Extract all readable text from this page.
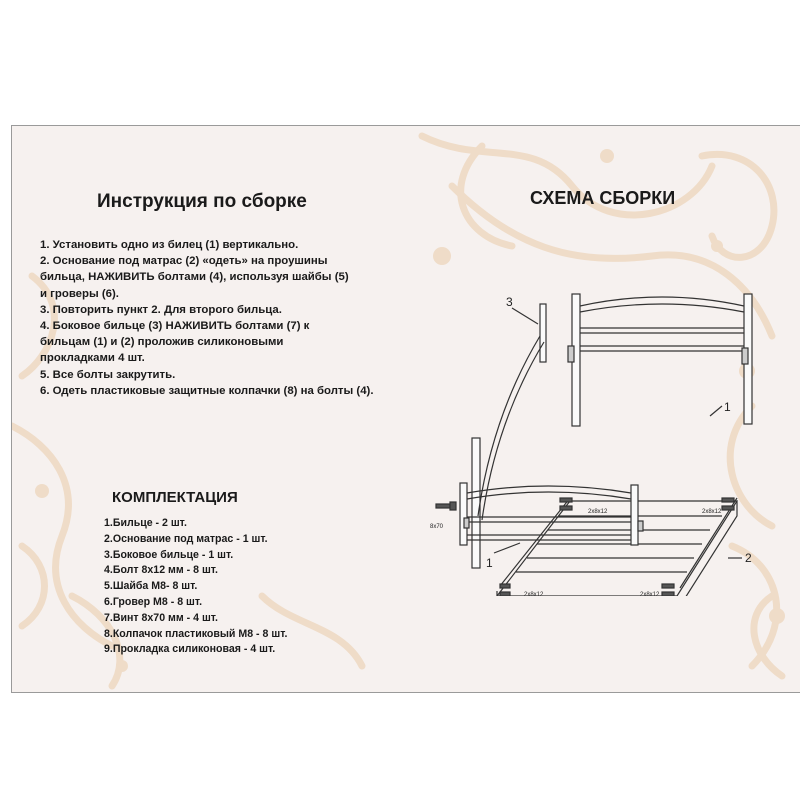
Инструкция по сборке
1. Установить одно из билец (1) вертикально.
2. Основание под матрас (2) «одеть» на проушины
бильца, НАЖИВИТЬ болтами (4), используя шайбы (5)
и гроверы (6).
3. Повторить пункт 2. Для второго бильца.
4. Боковое бильце (3) НАЖИВИТЬ болтами (7) к
бильцам (1) и (2) проложив силиконовыми
прокладками 4 шт.
5. Все болты закрутить.
6. Одеть пластиковые защитные колпачки (8) на болты (4).
КОМПЛЕКТАЦИЯ
1.Бильце - 2 шт.
2.Основание под матрас - 1 шт.
3.Боковое бильце - 1 шт.
4.Болт 8х12 мм - 8 шт.
5.Шайба М8- 8 шт.
6.Гровер М8 - 8 шт.
7.Винт 8х70 мм - 4 шт.
8.Колпачок пластиковый М8 - 8 шт.
9.Прокладка силиконовая - 4 шт.
СХЕМА СБОРКИ
1
2
3
8x70
2x8x12	2x8x12
2x8x12	2x8x12
1
